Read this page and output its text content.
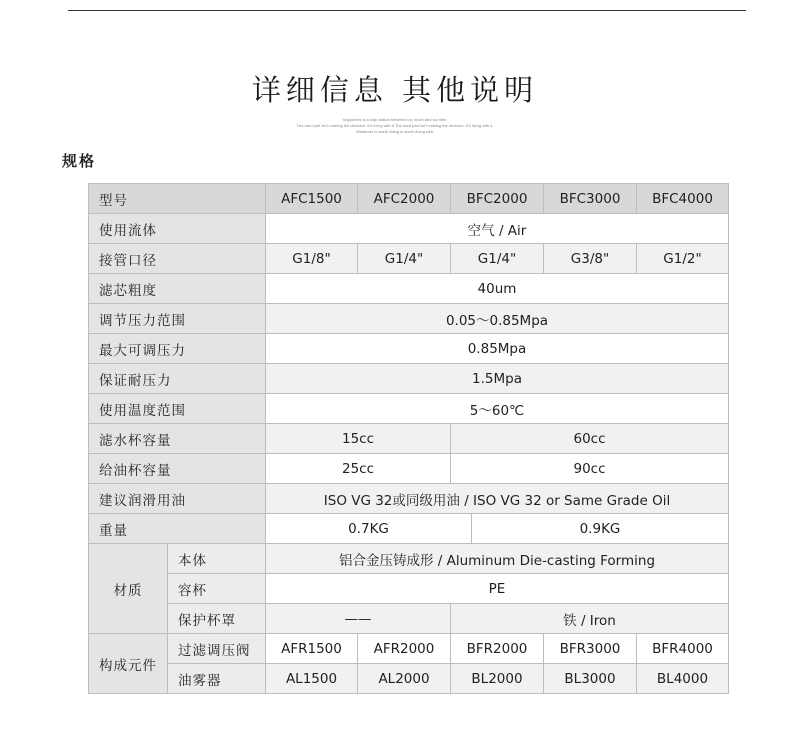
详细信息 其他说明
Happiness is a way station between too much and too little.
The hard part isn't making the decision. It's living with it.The hard part isn't making the decision. It's living with it.
Whatever is worth doing is worth doing well.
规格
型号		AFC1500	AFC2000	BFC2000	BFC3000	BFC4000
使用流体		空气 / Air				
接管口径		G1/8"	G1/4"	G1/4"	G3/8"	G1/2"
滤芯粗度		40um				
调节压力范围		0.05～0.85Mpa				
最大可调压力		0.85Mpa				
保证耐压力		1.5Mpa				
使用温度范围		5～60℃				
滤水杯容量		15cc		60cc		
给油杯容量		25cc		90cc		
建议润滑用油		ISO VG 32或同级用油 / ISO VG 32 or Same Grade Oil				
重量		0.7KG 0.9KG				

材质	本体	铝合金压铸成形 / Aluminum Die-casting Forming				
	容杯	PE				
	保护杯罩	——		铁 / Iron		
构成元件	过滤调压阀	AFR1500	AFR2000	BFR2000	BFR3000	BFR4000
	油雾器	AL1500	AL2000	BL2000	BL3000	BL4000
